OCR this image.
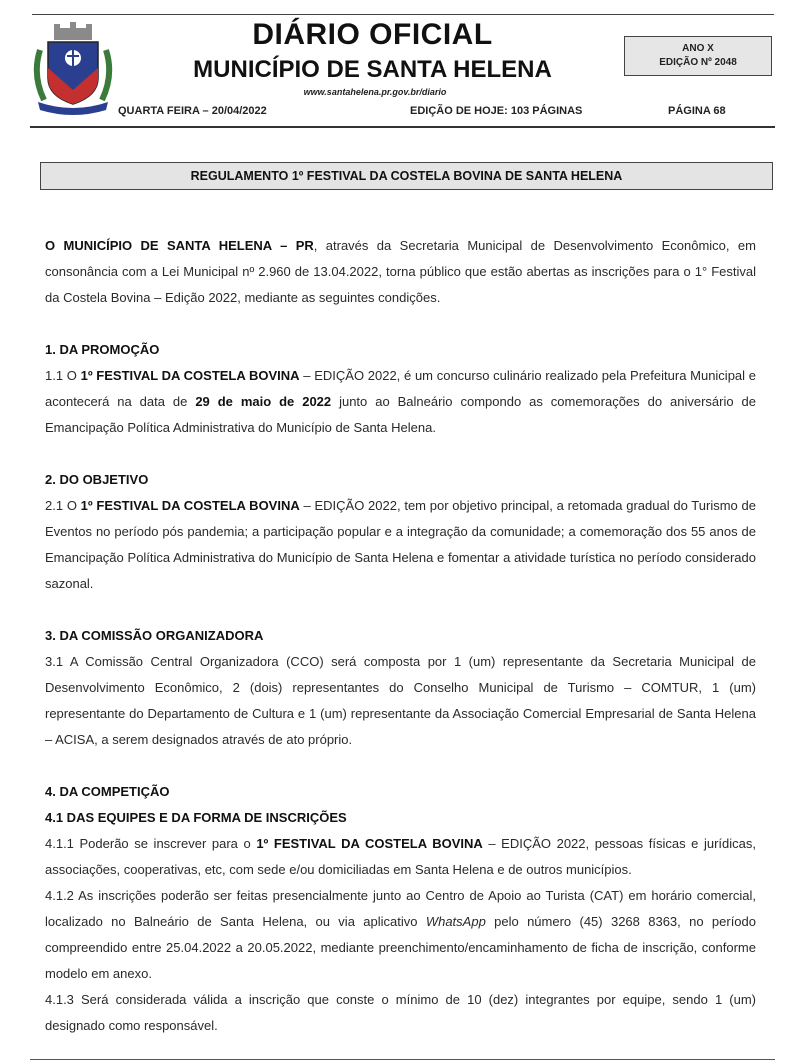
DIÁRIO OFICIAL
MUNICÍPIO DE SANTA HELENA
www.santahelena.pr.gov.br/diario
ANO X
EDIÇÃO Nº 2048
QUARTA FEIRA – 20/04/2022	EDIÇÃO DE HOJE: 103 PÁGINAS	PÁGINA 68
REGULAMENTO 1º FESTIVAL DA COSTELA BOVINA DE SANTA HELENA

O MUNICÍPIO DE SANTA HELENA – PR, através da Secretaria Municipal de Desenvolvimento Econômico, em consonância com a Lei Municipal nº 2.960 de 13.04.2022, torna público que estão abertas as inscrições para o 1° Festival da Costela Bovina – Edição 2022, mediante as seguintes condições.

1. DA PROMOÇÃO

1.1 O 1º FESTIVAL DA COSTELA BOVINA – EDIÇÃO 2022, é um concurso culinário realizado pela Prefeitura Municipal e acontecerá na data de 29 de maio de 2022 junto ao Balneário compondo as comemorações do aniversário de Emancipação Política Administrativa do Município de Santa Helena.

2. DO OBJETIVO

2.1 O 1º FESTIVAL DA COSTELA BOVINA – EDIÇÃO 2022, tem por objetivo principal, a retomada gradual do Turismo de Eventos no período pós pandemia; a participação popular e a integração da comunidade; a comemoração dos 55 anos de Emancipação Política Administrativa do Município de Santa Helena e fomentar a atividade turística no período considerado sazonal.

3. DA COMISSÃO ORGANIZADORA

3.1 A Comissão Central Organizadora (CCO) será composta por 1 (um) representante da Secretaria Municipal de Desenvolvimento Econômico, 2 (dois) representantes do Conselho Municipal de Turismo – COMTUR, 1 (um) representante do Departamento de Cultura e 1 (um) representante da Associação Comercial Empresarial de Santa Helena – ACISA, a serem designados através de ato próprio.

4. DA COMPETIÇÃO

4.1 DAS EQUIPES E DA FORMA DE INSCRIÇÕES

4.1.1 Poderão se inscrever para o 1º FESTIVAL DA COSTELA BOVINA – EDIÇÃO 2022, pessoas físicas e jurídicas, associações, cooperativas, etc, com sede e/ou domiciliadas em Santa Helena e de outros municípios.

4.1.2 As inscrições poderão ser feitas presencialmente junto ao Centro de Apoio ao Turista (CAT) em horário comercial, localizado no Balneário de Santa Helena, ou via aplicativo WhatsApp pelo número (45) 3268 8363, no período compreendido entre 25.04.2022 a 20.05.2022, mediante preenchimento/encaminhamento de ficha de inscrição, conforme modelo em anexo.

4.1.3 Será considerada válida a inscrição que conste o mínimo de 10 (dez) integrantes por equipe, sendo 1 (um) designado como responsável.
